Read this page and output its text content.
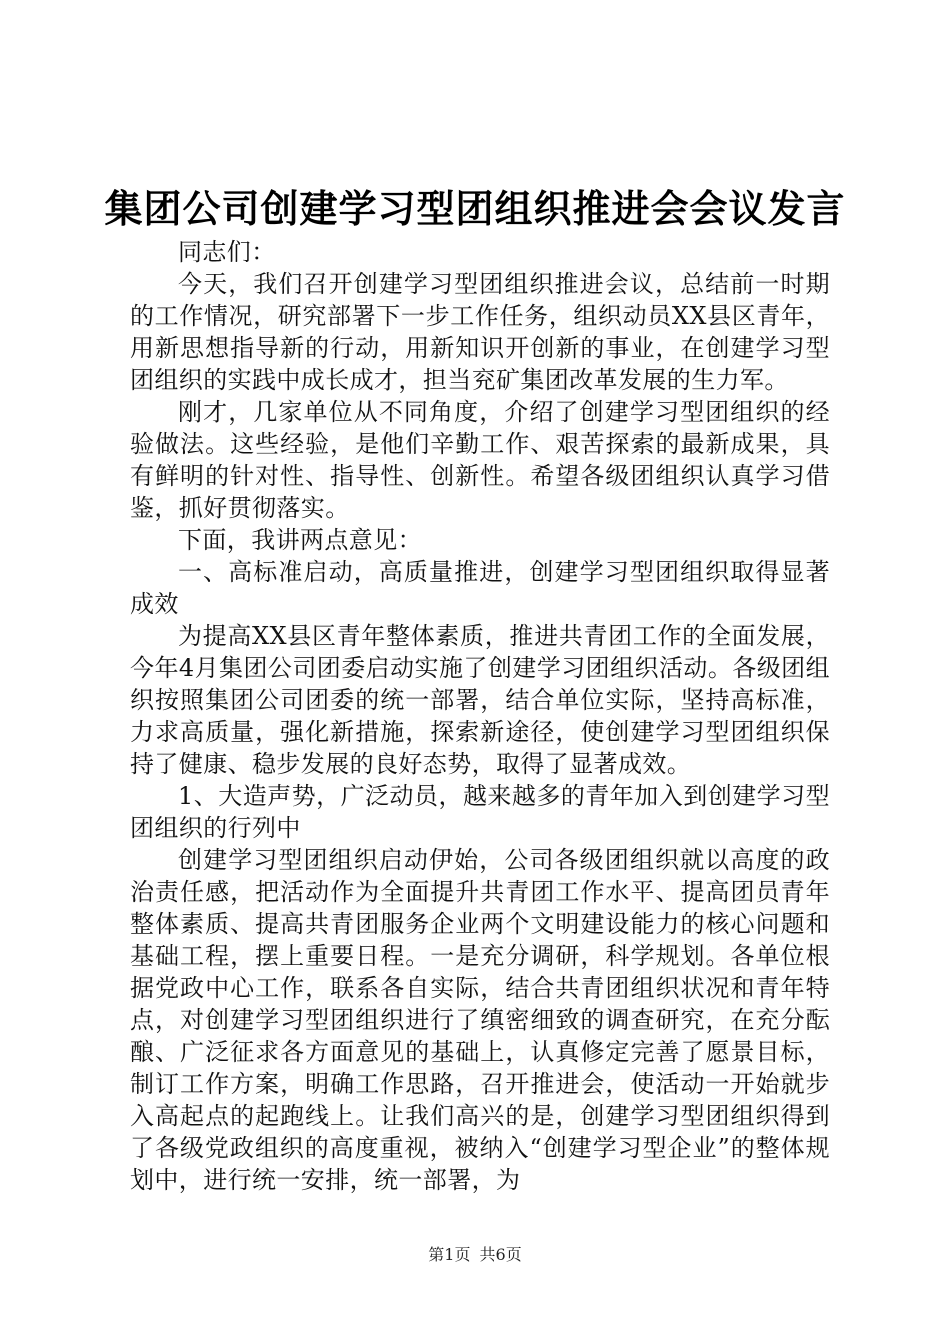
集团公司创建学习型团组织推进会会议发言

同志们：

今天，我们召开创建学习型团组织推进会议，总结前一时期的工作情况，研究部署下一步工作任务，组织动员XX县区青年，用新思想指导新的行动，用新知识开创新的事业，在创建学习型团组织的实践中成长成才，担当兖矿集团改革发展的生力军。

刚才，几家单位从不同角度，介绍了创建学习型团组织的经验做法。这些经验，是他们辛勤工作、艰苦探索的最新成果，具有鲜明的针对性、指导性、创新性。希望各级团组织认真学习借鉴，抓好贯彻落实。

下面，我讲两点意见：

一、高标准启动，高质量推进，创建学习型团组织取得显著成效

为提高XX县区青年整体素质，推进共青团工作的全面发展，今年4月集团公司团委启动实施了创建学习团组织活动。各级团组织按照集团公司团委的统一部署，结合单位实际，坚持高标准，力求高质量，强化新措施，探索新途径，使创建学习型团组织保持了健康、稳步发展的良好态势，取得了显著成效。

1、大造声势，广泛动员，越来越多的青年加入到创建学习型团组织的行列中

创建学习型团组织启动伊始，公司各级团组织就以高度的政治责任感，把活动作为全面提升共青团工作水平、提高团员青年整体素质、提高共青团服务企业两个文明建设能力的核心问题和基础工程，摆上重要日程。一是充分调研，科学规划。各单位根据党政中心工作，联系各自实际，结合共青团组织状况和青年特点，对创建学习型团组织进行了缜密细致的调查研究，在充分酝酿、广泛征求各方面意见的基础上，认真修定完善了愿景目标，制订工作方案，明确工作思路，召开推进会，使活动一开始就步入高起点的起跑线上。让我们高兴的是，创建学习型团组织得到了各级党政组织的高度重视，被纳入“创建学习型企业”的整体规划中，进行统一安排，统一部署，为

第1页 共6页
